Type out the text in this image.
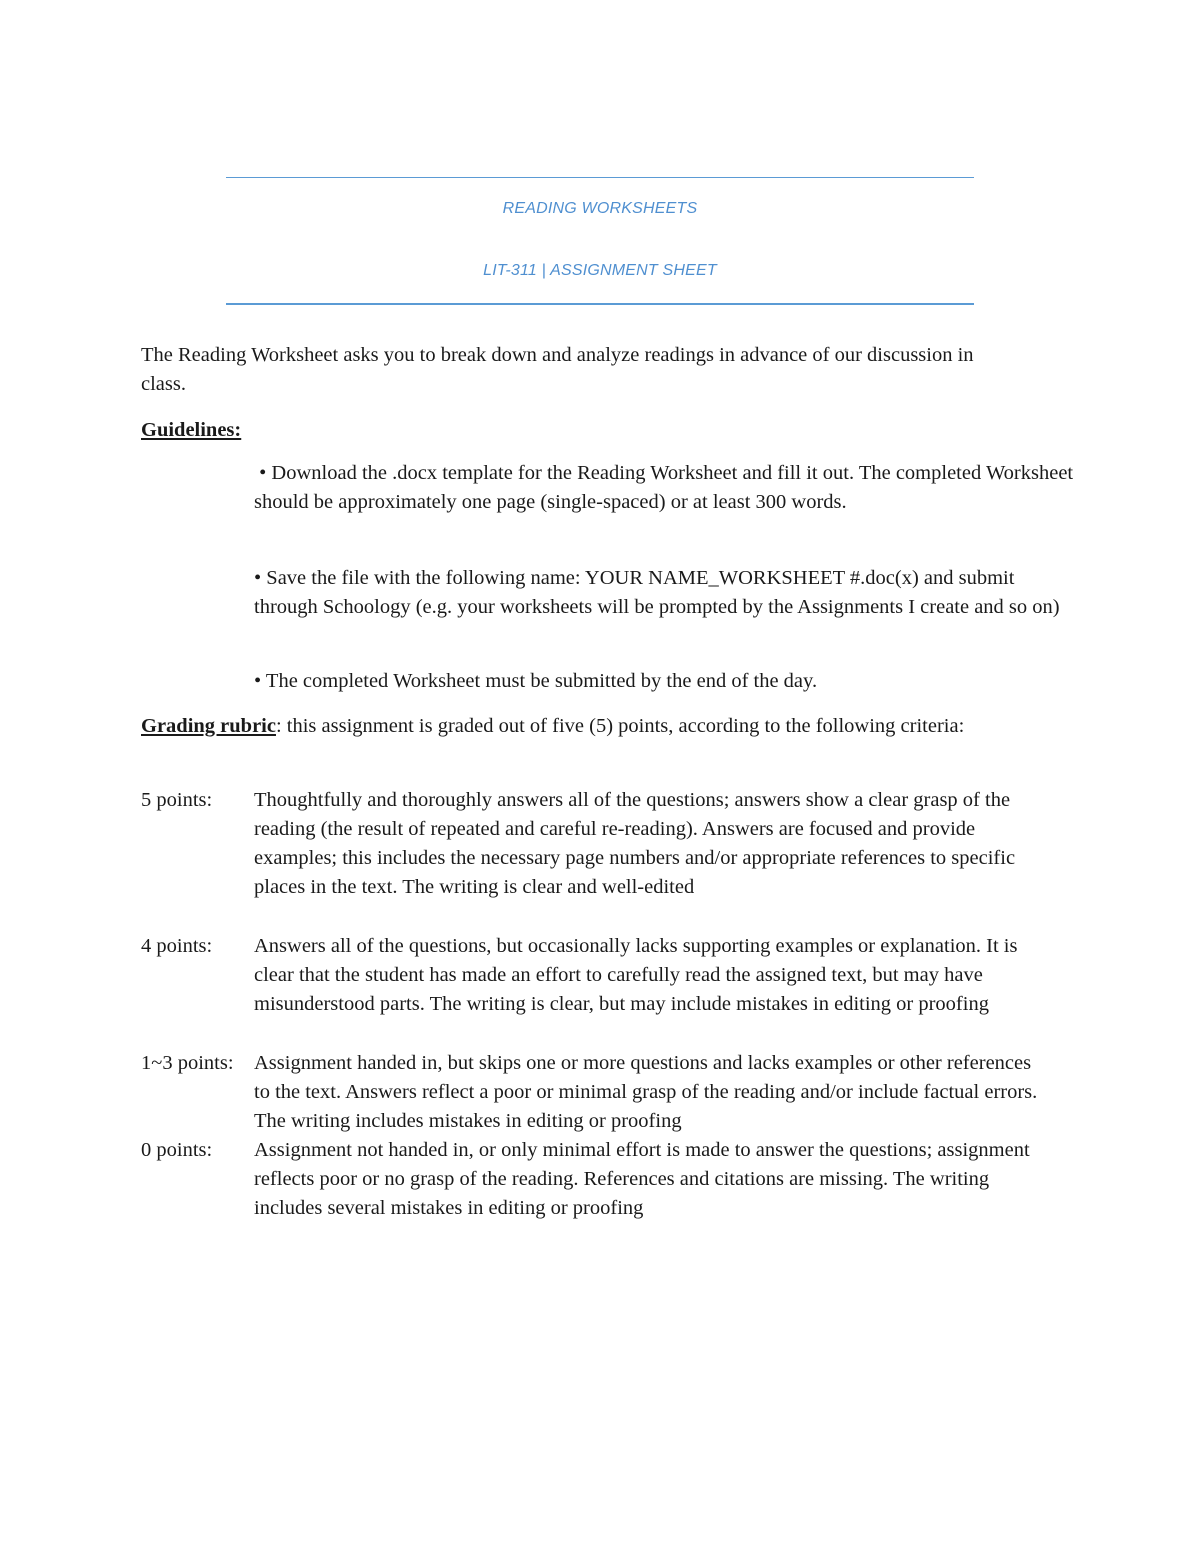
READING WORKSHEETS
LIT-311 | ASSIGNMENT SHEET
The Reading Worksheet asks you to break down and analyze readings in advance of our discussion in class.
Guidelines:
• Download the .docx template for the Reading Worksheet and fill it out. The completed Worksheet should be approximately one page (single-spaced) or at least 300 words.
• Save the file with the following name: YOUR NAME_WORKSHEET #.doc(x) and submit through Schoology (e.g. your worksheets will be prompted by the Assignments I create and so on)
• The completed Worksheet must be submitted by the end of the day.
Grading rubric: this assignment is graded out of five (5) points, according to the following criteria:
5 points: Thoughtfully and thoroughly answers all of the questions; answers show a clear grasp of the reading (the result of repeated and careful re-reading). Answers are focused and provide examples; this includes the necessary page numbers and/or appropriate references to specific places in the text. The writing is clear and well-edited
4 points: Answers all of the questions, but occasionally lacks supporting examples or explanation. It is clear that the student has made an effort to carefully read the assigned text, but may have misunderstood parts. The writing is clear, but may include mistakes in editing or proofing
1~3 points: Assignment handed in, but skips one or more questions and lacks examples or other references to the text. Answers reflect a poor or minimal grasp of the reading and/or include factual errors. The writing includes mistakes in editing or proofing
0 points: Assignment not handed in, or only minimal effort is made to answer the questions; assignment reflects poor or no grasp of the reading. References and citations are missing. The writing includes several mistakes in editing or proofing
